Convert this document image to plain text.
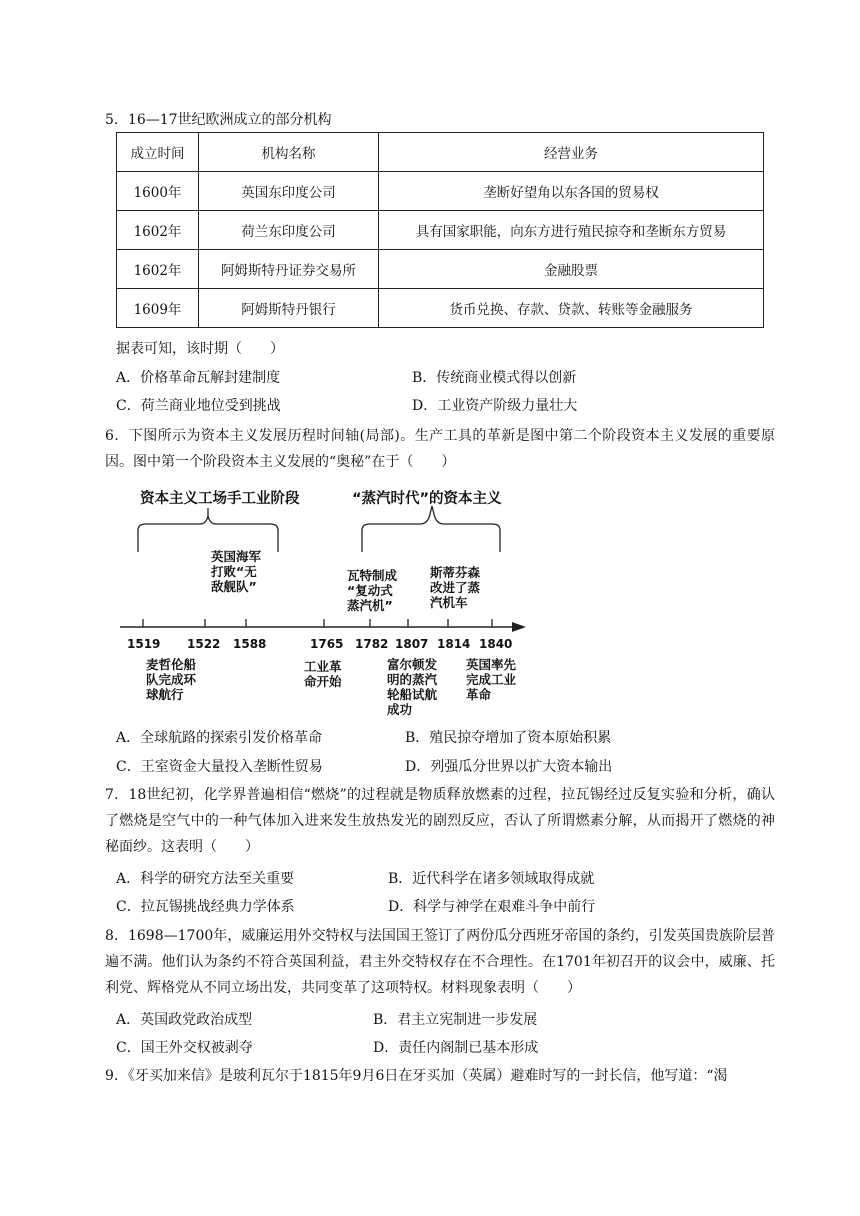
5．16—17世纪欧洲成立的部分机构
成立时间	机构名称	经营业务
1600年	英国东印度公司	垄断好望角以东各国的贸易权
1602年	荷兰东印度公司	具有国家职能，向东方进行殖民掠夺和垄断东方贸易
1602年	阿姆斯特丹证券交易所	金融股票
1609年	阿姆斯特丹银行	货币兑换、存款、贷款、转账等金融服务
据表可知，该时期（　　）
A．价格革命瓦解封建制度	B．传统商业模式得以创新
C．荷兰商业地位受到挑战	D．工业资产阶级力量壮大
6．下图所示为资本主义发展历程时间轴(局部)。生产工具的革新是图中第二个阶段资本主义发展的重要原因。图中第一个阶段资本主义发展的“奥秘”在于（　　）
资本主义工场手工业阶段	“蒸汽时代”的资本主义
英国海军
打败“无
敌舰队”
瓦特制成
“复动式
蒸汽机”
斯蒂芬森
改进了蒸
汽机车
1519 1522 1588	1765 1782 1807 1814 1840
麦哲伦船
队完成环
球航行
工业革
命开始
富尔顿发
明的蒸汽
轮船试航
成功
英国率先
完成工业
革命
A．全球航路的探索引发价格革命	B．殖民掠夺增加了资本原始积累
C．王室资金大量投入垄断性贸易	D．列强瓜分世界以扩大资本输出
7．18世纪初，化学界普遍相信“燃烧”的过程就是物质释放燃素的过程，拉瓦锡经过反复实验和分析，确认了燃烧是空气中的一种气体加入进来发生放热发光的剧烈反应，否认了所谓燃素分解，从而揭开了燃烧的神秘面纱。这表明（　　）
A．科学的研究方法至关重要	B．近代科学在诸多领域取得成就
C．拉瓦锡挑战经典力学体系	D．科学与神学在艰难斗争中前行
8．1698—1700年，威廉运用外交特权与法国国王签订了两份瓜分西班牙帝国的条约，引发英国贵族阶层普遍不满。他们认为条约不符合英国利益，君主外交特权存在不合理性。在1701年初召开的议会中，威廉、托利党、辉格党从不同立场出发，共同变革了这项特权。材料现象表明（　　）
A．英国政党政治成型	B．君主立宪制进一步发展
C．国王外交权被剥夺	D．责任内阁制已基本形成
9．《牙买加来信》是玻利瓦尔于1815年9月6日在牙买加（英属）避难时写的一封长信，他写道：“渴
